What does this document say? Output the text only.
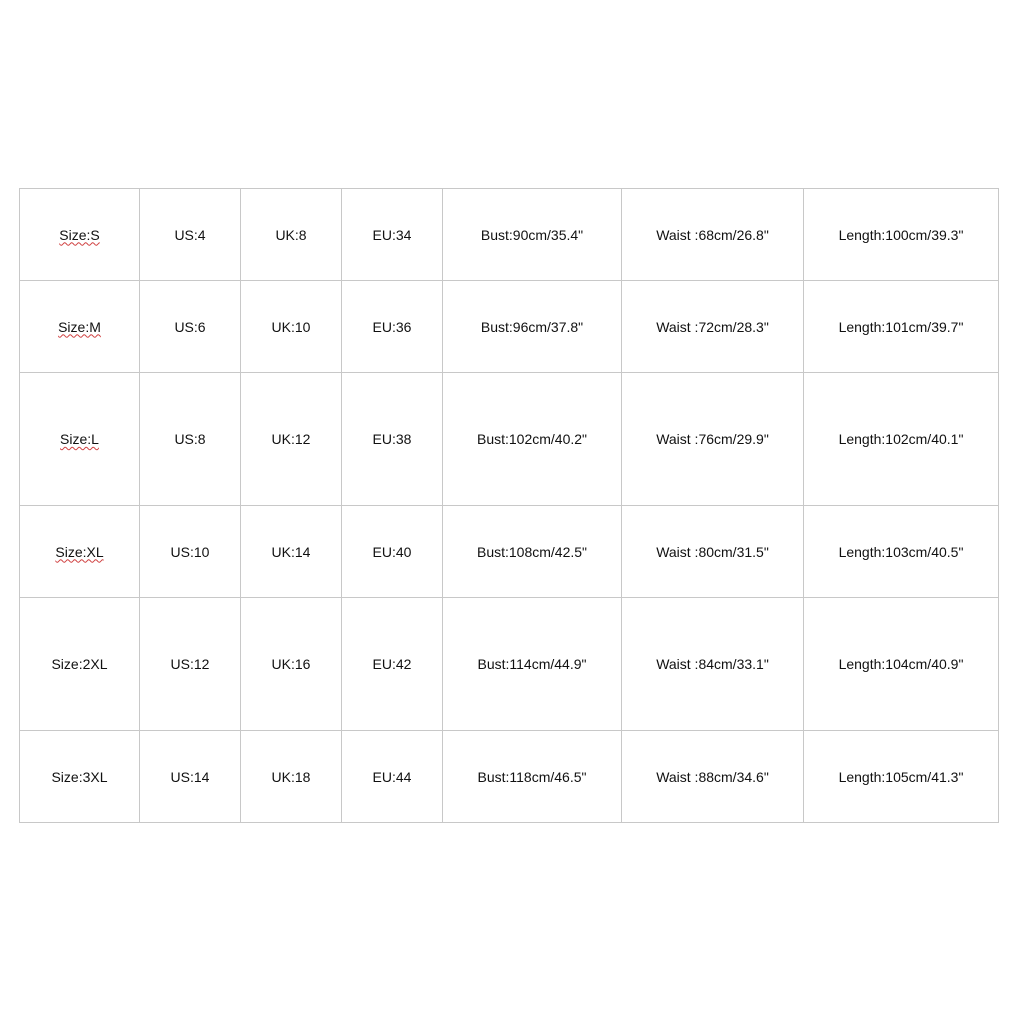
Size:S	US:4	UK:8	EU:34	Bust:90cm/35.4"	Waist :68cm/26.8"	Length:100cm/39.3"
Size:M	US:6	UK:10	EU:36	Bust:96cm/37.8"	Waist :72cm/28.3"	Length:101cm/39.7"
Size:L	US:8	UK:12	EU:38	Bust:102cm/40.2"	Waist :76cm/29.9"	Length:102cm/40.1"
Size:XL	US:10	UK:14	EU:40	Bust:108cm/42.5"	Waist :80cm/31.5"	Length:103cm/40.5"
Size:2XL	US:12	UK:16	EU:42	Bust:114cm/44.9"	Waist :84cm/33.1"	Length:104cm/40.9"
Size:3XL	US:14	UK:18	EU:44	Bust:118cm/46.5"	Waist :88cm/34.6"	Length:105cm/41.3"
